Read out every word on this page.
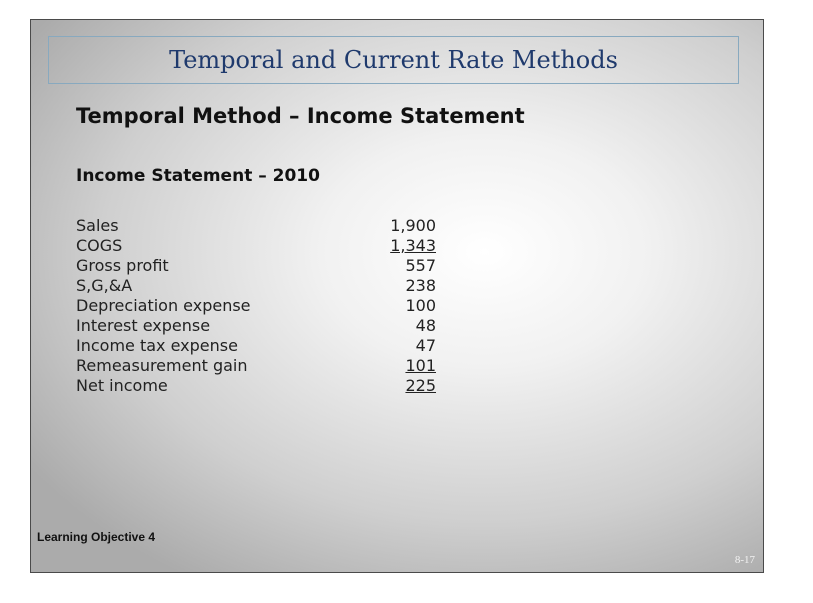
Temporal and Current Rate Methods
Temporal Method – Income Statement
Income Statement – 2010
Sales	1,900
COGS	1,343
Gross profit	557
S,G,&A	238
Depreciation expense	100
Interest expense	48
Income tax expense	47
Remeasurement gain	101
Net income	225
Learning Objective 4
8-17
